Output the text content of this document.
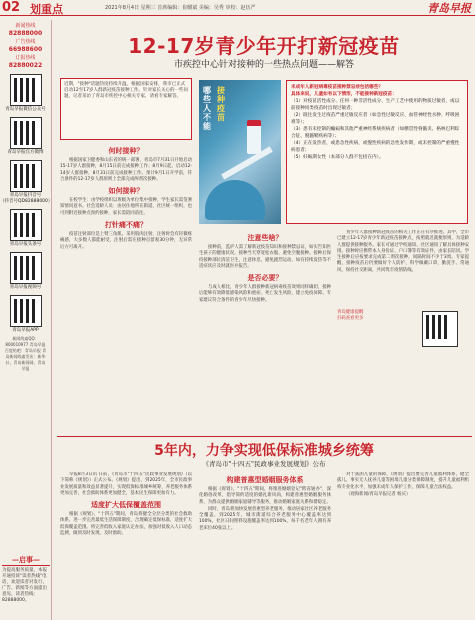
02 划重点	2021年8月4日 星期三 首席编辑：崔麒斌 美编：吴秀 审校：赵伍严	青岛早报
新闻热线
82888000
广告热线
66988600
订报热线
82880022
青岛早报微信公众号
青岛早报官方微博
青岛早报抖音号
（抖音号QD82888000）
青岛早报头条号
青岛早报视频号
青岛早报APP
新闻线索QQ：800010977 青岛早报百度贴吧：青岛早报 青岛新闻线索发布：新华社、青岛新闻网、青岛早报
—启事—
为提高服务质量，本报开通投诉"读者热线"电话，欢迎读者对发行、广告、新闻等方面提出意见。读者热线：82888000。
12-17岁青少年开打新冠疫苗
市疾控中心针对接种的一些热点问题——解答
近期，"接种"话题热度持续升温。根据国家安排，我市已正式启动12至17岁人群新冠疫苗接种工作。针对家长关心的一些问题，记者采访了青岛市疾控中心相关专家，请看专家解答。
何时接种？

根据国家卫健委和山东省的统一部署，青岛市7月31日开始启动15-17岁人群接种，8月15日前完成接种工作；8月9日起，启动12-14岁人群接种，8月31日前完成接种工作。预计9月1日开学前，符合条件的12-17岁人群原则上全部完成两剂次接种。

如何接种？

在校学生：由学校组织以班级为单位集中接种，学生家长需签署知情同意书。社会适龄人员：由居住地所在街道、社区统一组织，也可到附近接种点预约接种，家长需陪同前往。

打针痛不痛？

疫苗注射部位是上臂三角肌，采用肌肉注射，注射时会有轻微疼痛感，大多数人都能耐受，注射后需在接种点留观30分钟，无异常后方可离开。

哪些人不能
接种疫苗
未成年人新冠病毒疫苗接种禁忌症包括哪些？
具体来说，儿童如有以下情形，不能接种新冠疫苗：
（1）对疫苗活性成分、任何一种非活性成分、生产工艺中使用的物质过敏者，或以前接种同类疫苗时出现过敏者；
（2）既往发生过疫苗严重过敏反应者（如急性过敏反应、血管神经性水肿、呼吸困难等）；
（3）患有未控制的癫痫和其他严重神经系统疾病者（如横贯性脊髓炎、格林巴利综合征、脱髓鞘疾病等）；
（4）正在发热者，或患急性疾病，或慢性疾病的急性发作期，或未控制的严重慢性病患者；
（5）妊娠期女性（本部分人群不包括在内）。
注意些啥？

接种前，监护人需了解新冠疫苗知识和接种禁忌证，如实告知医生孩子的健康状况。接种当天穿宽松衣服，避免空腹接种。接种后保持接种部位清洁卫生，注意休息，避免剧烈运动，如有持续发热等不适症状应及时就医并报告。

是否必要？

与成人相比，青少年人群接种新冠病毒疫苗效果同样确切，接种后能够有效降低感染风险和重症、死亡发生风险，建立免疫屏障。专家建议符合条件的青少年尽快接种。

青少年人群接种新冠疫苗的相关工作正在有序推进。其中，全市已建立12-17岁青少年新冠疫苗接种点，按照就近就便原则，为适龄人群提供接种服务。家长可通过学校通知、社区通知了解具体接种安排。接种时应携带本人身份证、户口簿等有效证件，由家长陪同。学生接种后应按要求完成第二剂次接种，间隔时间不少于3周。专家提醒，接种疫苗后仍要做好个人防护，科学佩戴口罩，勤洗手、常通风，保持社交距离，共同筑牢疫情防线。

青岛健康提醒
扫码查看更多
5年内，力争实现低保标准城乡统筹
《青岛市"十四五"民政事业发展规划》公布

早报8月3日讯 日前，《青岛市"十四五"民政事业发展规划》（以下简称《规划》）正式公布。《规划》提出，到2025年，全市民政事业发展质量和效益显著提升，实现低保标准城乡统筹，养老服务体系更加完善，社会救助体系更加健全，基本民生保障更加有力。

适度扩大低保覆盖范围

根据《规划》，"十四五"期间，青岛将健全分层分类的社会救助体系，进一步完善最低生活保障制度，合理确定低保标准，适度扩大低保覆盖范围。将完善低收入家庭认定办法，加强对低收入人口动态监测，做到及时发现、及时救助。

构建普惠型婚姻服务体系

根据《规划》，"十四五"期间，将推进婚姻登记"跨省通办"，深化婚俗改革，倡导简约适度的婚礼新风尚，构建普惠型婚姻服务体系，为群众提供婚姻家庭辅导等服务，推动婚姻家庭关系和谐稳定。

同时，青岛将加快发展普惠型养老服务，推动居家社区养老服务全覆盖，到2025年，城市街道综合养老服务中心覆盖率达到100%，社区日间照料设施覆盖率达到100%，每千名老年人拥有养老床位40张以上。

对于孤困儿童的保障，《规划》提出要完善儿童福利体系，健全孤儿、事实无人抚养儿童等困境儿童分类保障制度，提升儿童福利机构专业化水平，加强未成年人保护工作，保障儿童合法权益。

（观海新闻/青岛早报记者 杨庆）
